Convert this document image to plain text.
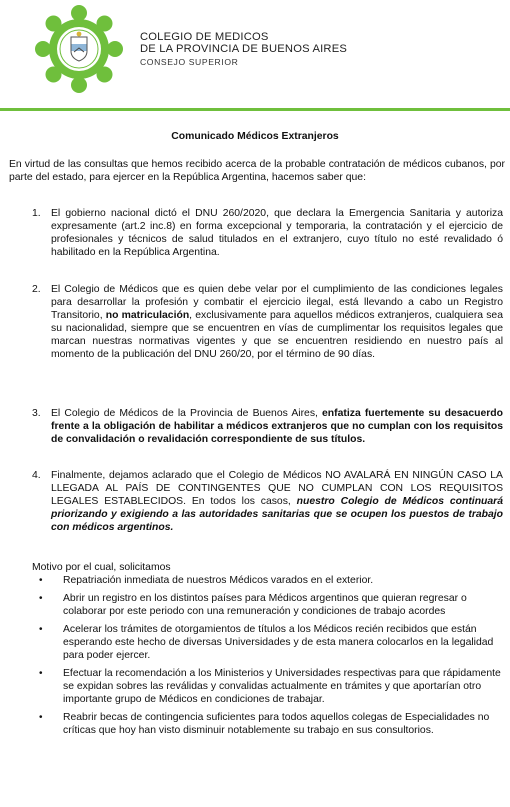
COLEGIO DE MEDICOS
DE LA PROVINCIA DE BUENOS AIRES
CONSEJO SUPERIOR
Comunicado Médicos Extranjeros
En virtud de las consultas que hemos recibido acerca de la probable contratación de médicos cubanos, por parte del estado, para ejercer en la República Argentina, hacemos saber que:
1. El gobierno nacional dictó el DNU 260/2020, que declara la Emergencia Sanitaria y autoriza expresamente (art.2 inc.8) en forma excepcional y temporaria, la contratación y el ejercicio de profesionales y técnicos de salud titulados en el extranjero, cuyo título no esté revalidado ó habilitado en la República Argentina.
2. El Colegio de Médicos que es quien debe velar por el cumplimiento de las condiciones legales para desarrollar la profesión y combatir el ejercicio ilegal, está llevando a cabo un Registro Transitorio, no matriculación, exclusivamente para aquellos médicos extranjeros, cualquiera sea su nacionalidad, siempre que se encuentren en vías de cumplimentar los requisitos legales que marcan nuestras normativas vigentes y que se encuentren residiendo en nuestro país al momento de la publicación del DNU 260/20, por el término de 90 días.
3. El Colegio de Médicos de la Provincia de Buenos Aires, enfatiza fuertemente su desacuerdo frente a la obligación de habilitar a médicos extranjeros que no cumplan con los requisitos de convalidación o revalidación correspondiente de sus títulos.
4. Finalmente, dejamos aclarado que el Colegio de Médicos NO AVALARÁ EN NINGÚN CASO LA LLEGADA AL PAÍS DE CONTINGENTES QUE NO CUMPLAN CON LOS REQUISITOS LEGALES ESTABLECIDOS. En todos los casos, nuestro Colegio de Médicos continuará priorizando y exigiendo a las autoridades sanitarias que se ocupen los puestos de trabajo con médicos argentinos.
Motivo por el cual, solicitamos
• Repatriación inmediata de nuestros Médicos varados en el exterior.
• Abrir un registro en los distintos países para Médicos argentinos que quieran regresar o colaborar por este periodo con una remuneración y condiciones de trabajo acordes
• Acelerar los trámites de otorgamientos de títulos a los Médicos recién recibidos que están esperando este hecho de diversas Universidades y de esta manera colocarlos en la legalidad para poder ejercer.
• Efectuar la recomendación a los Ministerios y Universidades respectivas para que rápidamente se expidan sobres las reválidas y convalidas actualmente en trámites y que aportarían otro importante grupo de Médicos en condiciones de trabajar.
• Reabrir becas de contingencia suficientes para todos aquellos colegas de Especialidades no críticas que hoy han visto disminuir notablemente su trabajo en sus consultorios.
